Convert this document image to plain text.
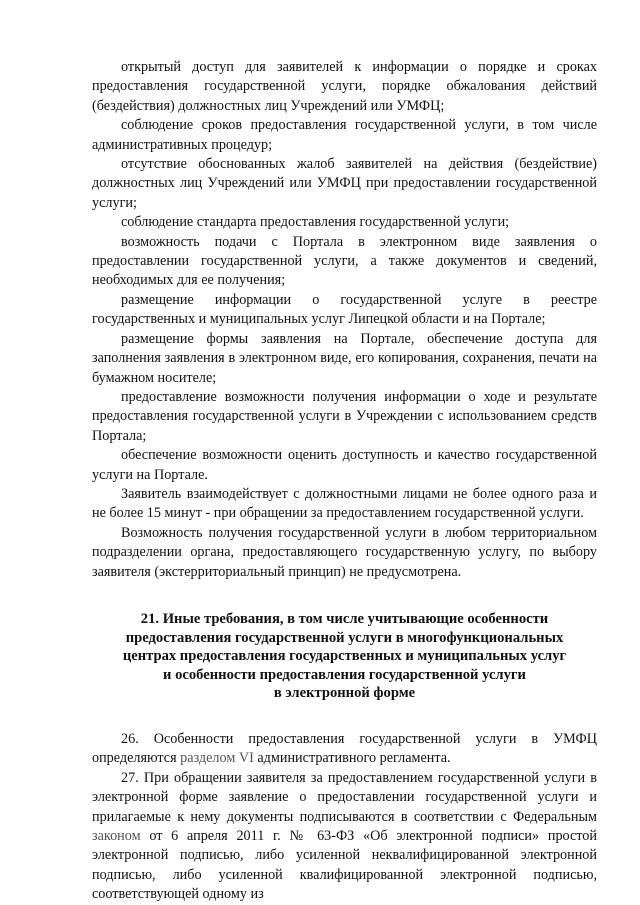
открытый доступ для заявителей к информации о порядке и сроках предоставления государственной услуги, порядке обжалования действий (бездействия) должностных лиц Учреждений или УМФЦ;

соблюдение сроков предоставления государственной услуги, в том числе административных процедур;

отсутствие обоснованных жалоб заявителей на действия (бездействие) должностных лиц Учреждений или УМФЦ при предоставлении государственной услуги;

соблюдение стандарта предоставления государственной услуги;

возможность подачи с Портала в электронном виде заявления о предоставлении государственной услуги, а также документов и сведений, необходимых для ее получения;

размещение информации о государственной услуге в реестре государственных и муниципальных услуг Липецкой области и на Портале;

размещение формы заявления на Портале, обеспечение доступа для заполнения заявления в электронном виде, его копирования, сохранения, печати на бумажном носителе;

предоставление возможности получения информации о ходе и результате предоставления государственной услуги в Учреждении с использованием средств Портала;

обеспечение возможности оценить доступность и качество государственной услуги на Портале.

Заявитель взаимодействует с должностными лицами не более одного раза и не более 15 минут - при обращении за предоставлением государственной услуги.

Возможность получения государственной услуги в любом территориальном подразделении органа, предоставляющего государственную услугу, по выбору заявителя (экстерриториальный принцип) не предусмотрена.

21. Иные требования, в том числе учитывающие особенности
предоставления государственной услуги в многофункциональных
центрах предоставления государственных и муниципальных услуг
и особенности предоставления государственной услуги
в электронной форме

26. Особенности предоставления государственной услуги в УМФЦ определяются разделом VI административного регламента.

27. При обращении заявителя за предоставлением государственной услуги в электронной форме заявление о предоставлении государственной услуги и прилагаемые к нему документы подписываются в соответствии с Федеральным законом от 6 апреля 2011 г. № 63-ФЗ «Об электронной подписи» простой электронной подписью, либо усиленной неквалифицированной электронной подписью, либо усиленной квалифицированной электронной подписью, соответствующей одному из
